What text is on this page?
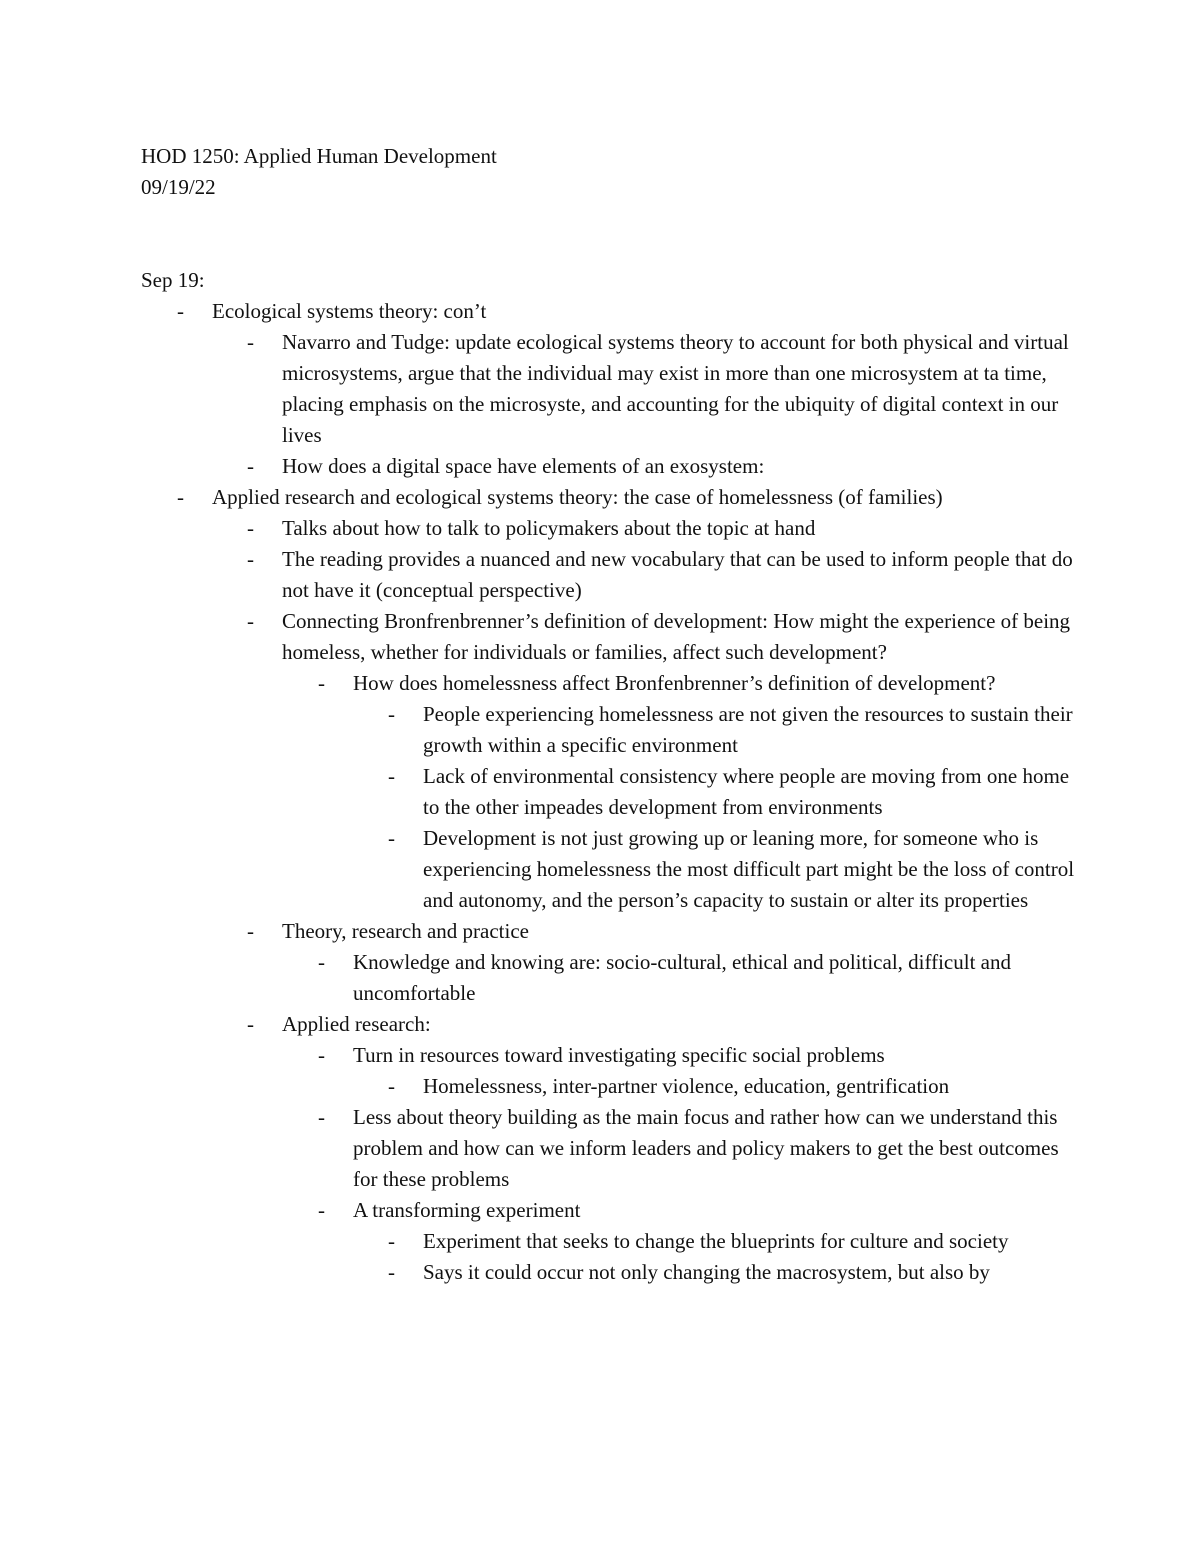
HOD 1250: Applied Human Development
09/19/22
Sep 19:
-	Ecological systems theory: con’t
-	Navarro and Tudge: update ecological systems theory to account for both physical and virtual microsystems, argue that the individual may exist in more than one microsystem at ta time, placing emphasis on the microsyste, and accounting for the ubiquity of digital context in our lives
-	How does a digital space have elements of an exosystem:
-	Applied research and ecological systems theory: the case of homelessness (of families)
-	Talks about how to talk to policymakers about the topic at hand
-	The reading provides a nuanced and new vocabulary that can be used to inform people that do not have it (conceptual perspective)
-	Connecting Bronfrenbrenner’s definition of development: How might the experience of being homeless, whether for individuals or families, affect such development?
-	How does homelessness affect Bronfenbrenner’s definition of development?
-	People experiencing homelessness are not given the resources to sustain their growth within a specific environment
-	Lack of environmental consistency where people are moving from one home to the other impeades development from environments
-	Development is not just growing up or leaning more, for someone who is experiencing homelessness the most difficult part might be the loss of control and autonomy, and the person’s capacity to sustain or alter its properties
-	Theory, research and practice
-	Knowledge and knowing are: socio-cultural, ethical and political, difficult and uncomfortable
-	Applied research:
-	Turn in resources toward investigating specific social problems
-	Homelessness, inter-partner violence, education, gentrification
-	Less about theory building as the main focus and rather how can we understand this problem and how can we inform leaders and policy makers to get the best outcomes for these problems
-	A transforming experiment
-	Experiment that seeks to change the blueprints for culture and society
-	Says it could occur not only changing the macrosystem, but also by
